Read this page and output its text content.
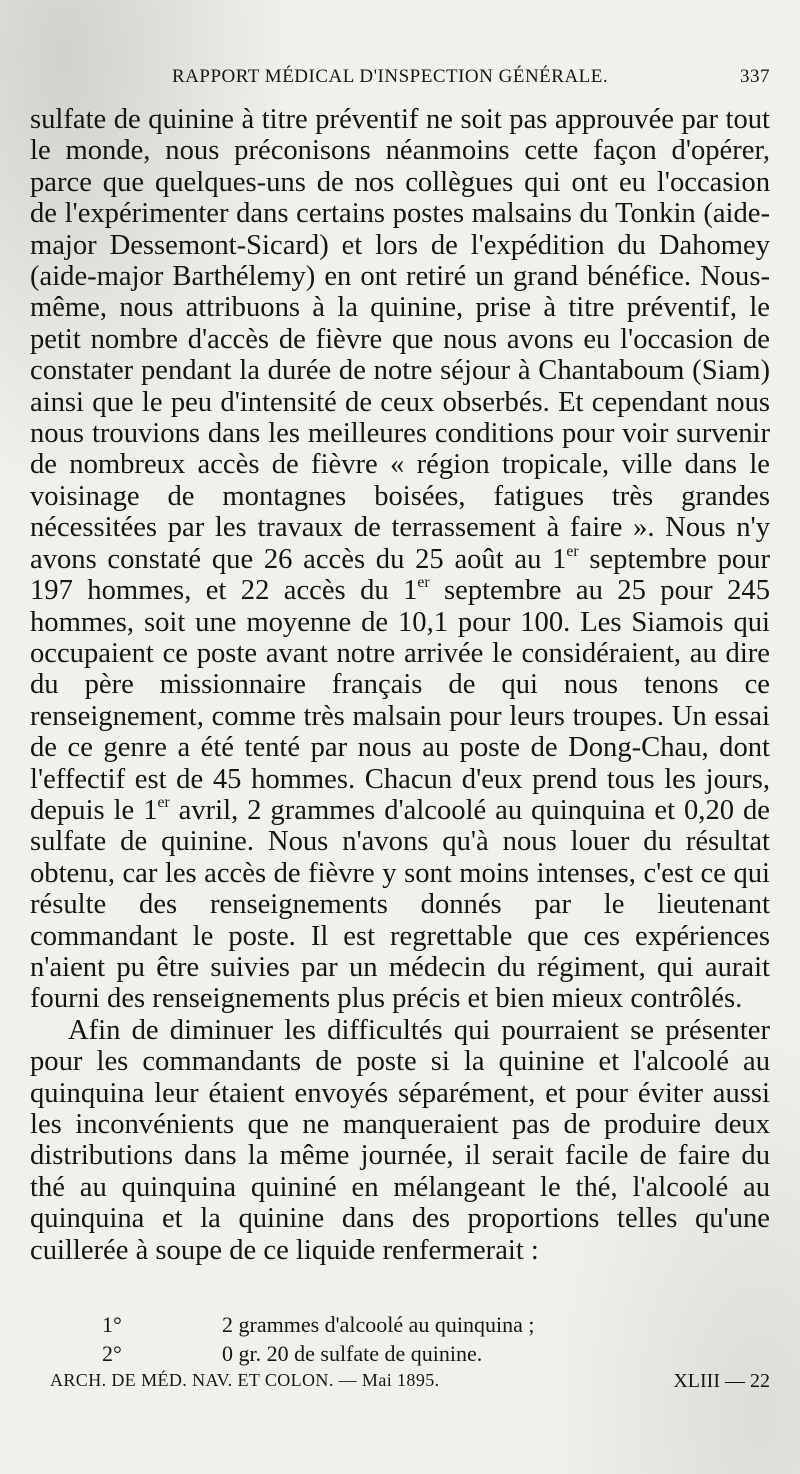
RAPPORT MÉDICAL D'INSPECTION GÉNÉRALE.	337

sulfate de quinine à titre préventif ne soit pas approuvée par tout le monde, nous préconisons néanmoins cette façon d'opérer, parce que quelques-uns de nos collègues qui ont eu l'occasion de l'expérimenter dans certains postes malsains du Tonkin (aide-major Dessemont-Sicard) et lors de l'expédition du Dahomey (aide-major Barthélemy) en ont retiré un grand bénéfice. Nous-même, nous attribuons à la quinine, prise à titre préventif, le petit nombre d'accès de fièvre que nous avons eu l'occasion de constater pendant la durée de notre séjour à Chantaboum (Siam) ainsi que le peu d'intensité de ceux obserbés. Et cependant nous nous trouvions dans les meilleures conditions pour voir survenir de nombreux accès de fièvre « région tropicale, ville dans le voisinage de montagnes boisées, fatigues très grandes nécessitées par les travaux de terrassement à faire ». Nous n'y avons constaté que 26 accès du 25 août au 1er septembre pour 197 hommes, et 22 accès du 1er septembre au 25 pour 245 hommes, soit une moyenne de 10,1 pour 100. Les Siamois qui occupaient ce poste avant notre arrivée le considéraient, au dire du père missionnaire français de qui nous tenons ce renseignement, comme très malsain pour leurs troupes. Un essai de ce genre a été tenté par nous au poste de Dong-Chau, dont l'effectif est de 45 hommes. Chacun d'eux prend tous les jours, depuis le 1er avril, 2 grammes d'alcoolé au quinquina et 0,20 de sulfate de quinine. Nous n'avons qu'à nous louer du résultat obtenu, car les accès de fièvre y sont moins intenses, c'est ce qui résulte des renseignements donnés par le lieutenant commandant le poste. Il est regrettable que ces expériences n'aient pu être suivies par un médecin du régiment, qui aurait fourni des renseignements plus précis et bien mieux contrôlés.

Afin de diminuer les difficultés qui pourraient se présenter pour les commandants de poste si la quinine et l'alcoolé au quinquina leur étaient envoyés séparément, et pour éviter aussi les inconvénients que ne manqueraient pas de produire deux distributions dans la même journée, il serait facile de faire du thé au quinquina quininé en mélangeant le thé, l'alcoolé au quinquina et la quinine dans des proportions telles qu'une cuillerée à soupe de ce liquide renfermerait :

1°	2 grammes d'alcoolé au quinquina ;
2°	0 gr. 20 de sulfate de quinine.
ARCH. DE MÉD. NAV. ET COLON. — Mai 1895.	XLIII — 22
